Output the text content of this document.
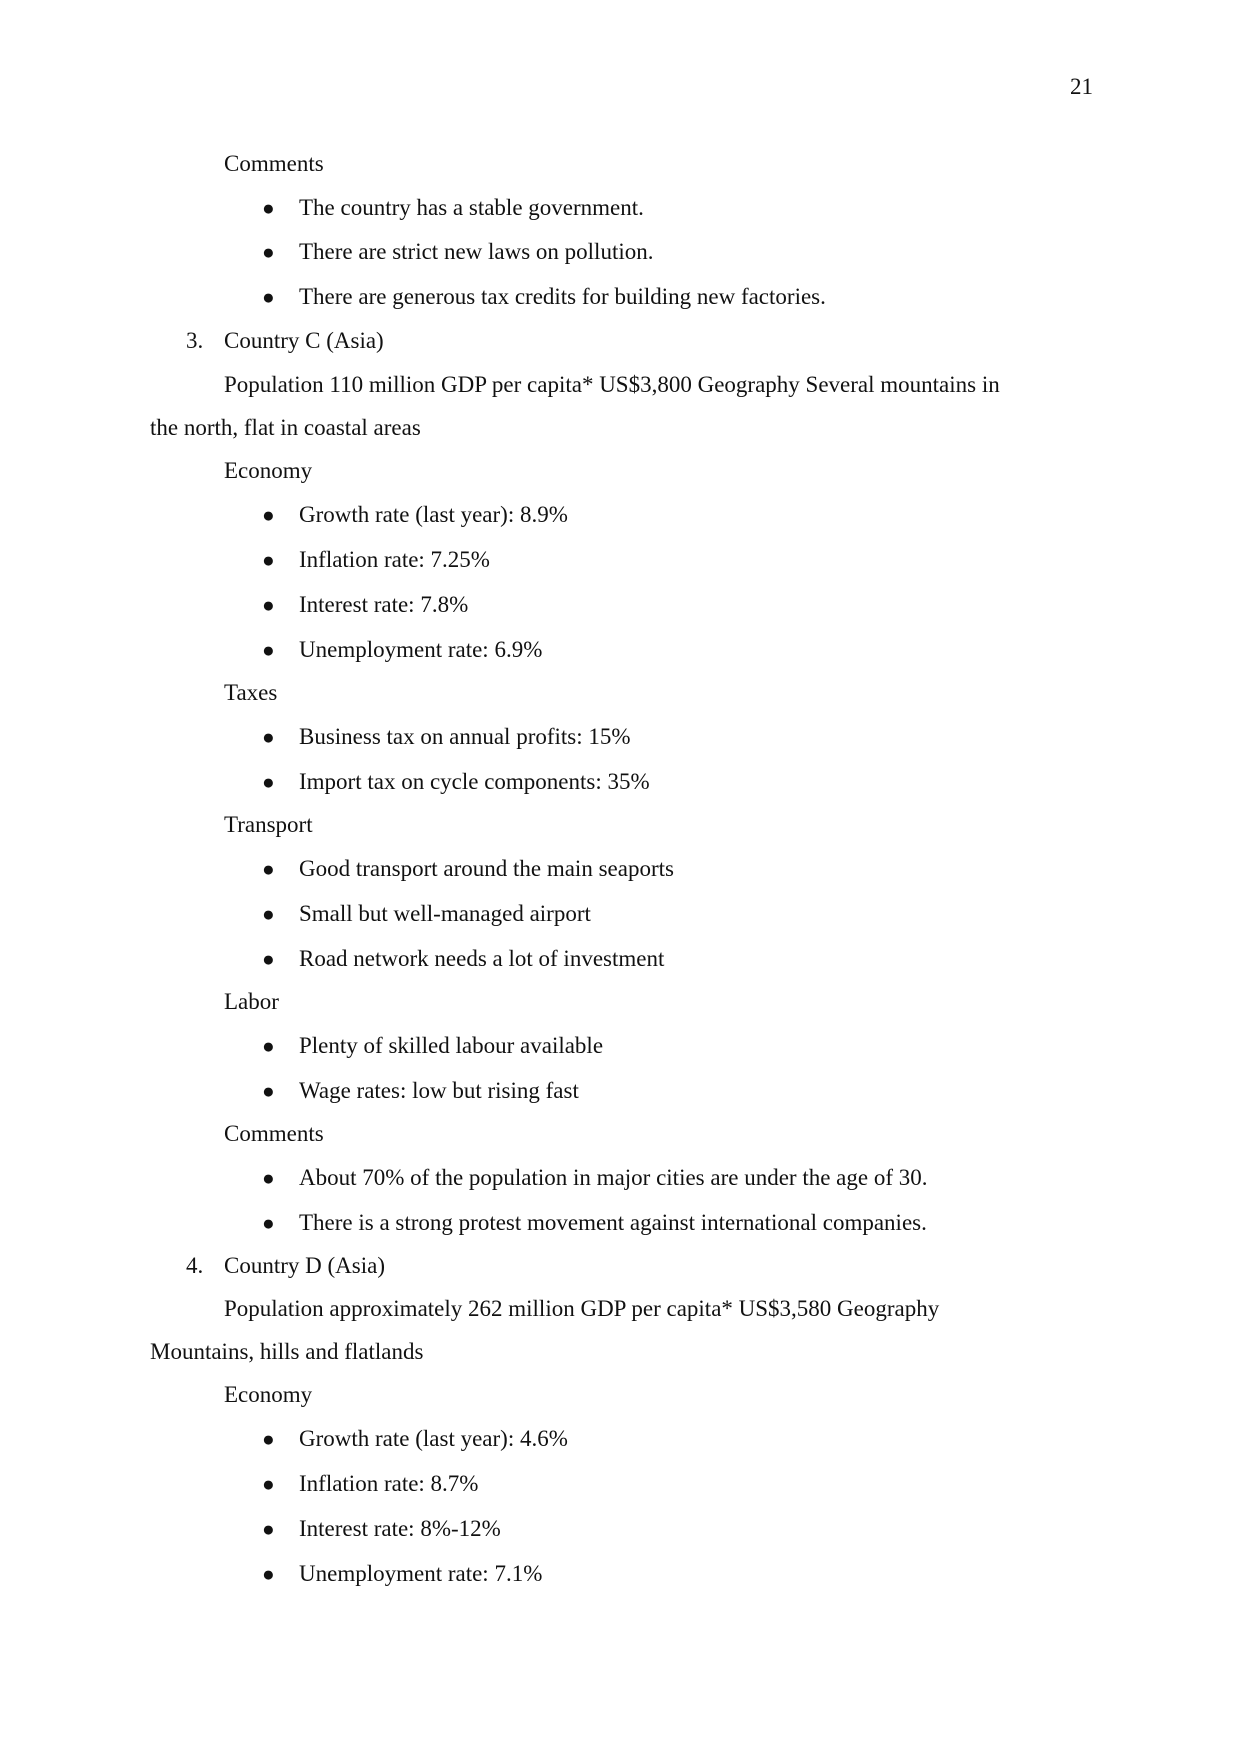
21
Comments
● The country has a stable government.
● There are strict new laws on pollution.
● There are generous tax credits for building new factories.
3. Country C (Asia)
Population 110 million GDP per capita* US$3,800 Geography Several mountains in
the north, flat in coastal areas
Economy
● Growth rate (last year): 8.9%
● Inflation rate: 7.25%
● Interest rate: 7.8%
● Unemployment rate: 6.9%
Taxes
● Business tax on annual profits: 15%
● Import tax on cycle components: 35%
Transport
● Good transport around the main seaports
● Small but well-managed airport
● Road network needs a lot of investment
Labor
● Plenty of skilled labour available
● Wage rates: low but rising fast
Comments
● About 70% of the population in major cities are under the age of 30.
● There is a strong protest movement against international companies.
4. Country D (Asia)
Population approximately 262 million GDP per capita* US$3,580 Geography
Mountains, hills and flatlands
Economy
● Growth rate (last year): 4.6%
● Inflation rate: 8.7%
● Interest rate: 8%-12%
● Unemployment rate: 7.1%
